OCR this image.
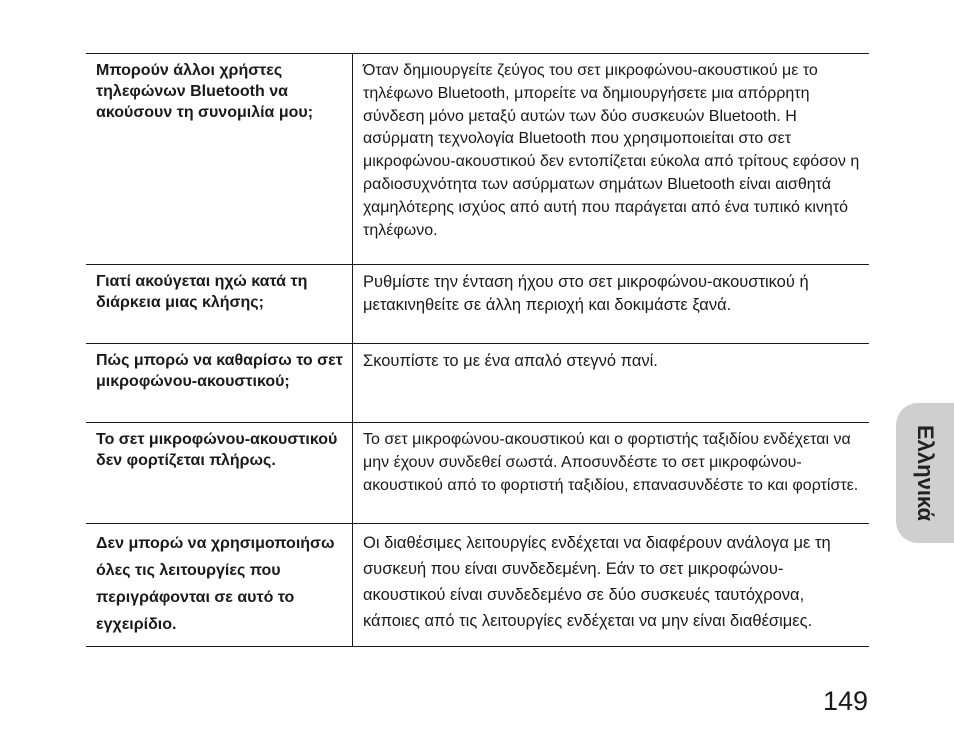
Μπορούν άλλοι χρήστες τηλεφώνων Bluetooth να ακούσουν τη συνομιλία μου;	Όταν δημιουργείτε ζεύγος του σετ μικροφώνου-ακουστικού με το τηλέφωνο Bluetooth, μπορείτε να δημιουργήσετε μια απόρρητη σύνδεση μόνο μεταξύ αυτών των δύο συσκευών Bluetooth. Η ασύρματη τεχνολογία Bluetooth που χρησιμοποιείται στο σετ μικροφώνου-ακουστικού δεν εντοπίζεται εύκολα από τρίτους εφόσον η ραδιοσυχνότητα των ασύρματων σημάτων Bluetooth είναι αισθητά χαμηλότερης ισχύος από αυτή που παράγεται από ένα τυπικό κινητό τηλέφωνο.
Γιατί ακούγεται ηχώ κατά τη διάρκεια μιας κλήσης;	Ρυθμίστε την ένταση ήχου στο σετ μικροφώνου-ακουστικού ή μετακινηθείτε σε άλλη περιοχή και δοκιμάστε ξανά.
Πώς μπορώ να καθαρίσω το σετ μικροφώνου-ακουστικού;	Σκουπίστε το με ένα απαλό στεγνό πανί.
Το σετ μικροφώνου-ακουστικού δεν φορτίζεται πλήρως.	Το σετ μικροφώνου-ακουστικού και ο φορτιστής ταξιδίου ενδέχεται να μην έχουν συνδεθεί σωστά. Αποσυνδέστε το σετ μικροφώνου-ακουστικού από το φορτιστή ταξιδίου, επανασυνδέστε το και φορτίστε.
Δεν μπορώ να χρησιμοποιήσω όλες τις λειτουργίες που περιγράφονται σε αυτό το εγχειρίδιο.	Οι διαθέσιμες λειτουργίες ενδέχεται να διαφέρουν ανάλογα με τη συσκευή που είναι συνδεδεμένη. Εάν το σετ μικροφώνου-ακουστικού είναι συνδεδεμένο σε δύο συσκευές ταυτόχρονα, κάποιες από τις λειτουργίες ενδέχεται να μην είναι διαθέσιμες.
Ελληνικά
149
